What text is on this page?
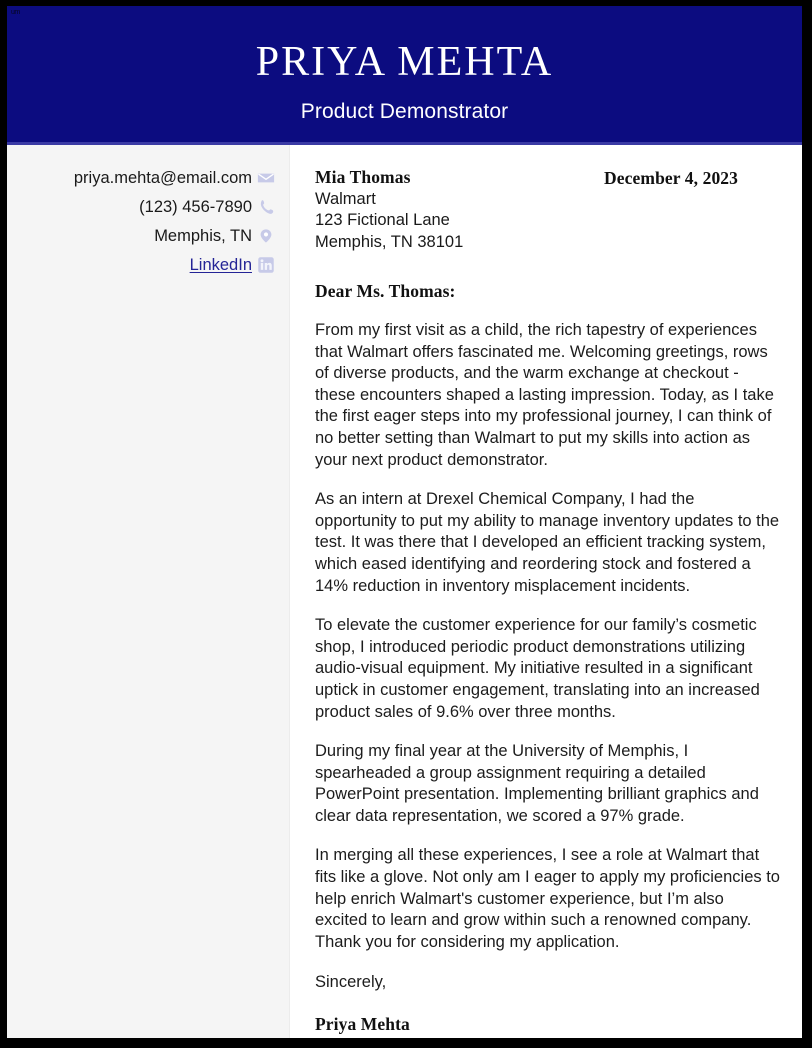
um
PRIYA MEHTA
Product Demonstrator
priya.mehta@email.com
(123) 456-7890
Memphis, TN
LinkedIn
Mia Thomas
Walmart
123 Fictional Lane
Memphis, TN 38101
December 4, 2023

Dear Ms. Thomas:

From my first visit as a child, the rich tapestry of experiences that Walmart offers fascinated me. Welcoming greetings, rows of diverse products, and the warm exchange at checkout - these encounters shaped a lasting impression. Today, as I take the first eager steps into my professional journey, I can think of no better setting than Walmart to put my skills into action as your next product demonstrator.

As an intern at Drexel Chemical Company, I had the opportunity to put my ability to manage inventory updates to the test. It was there that I developed an efficient tracking system, which eased identifying and reordering stock and fostered a 14% reduction in inventory misplacement incidents.

To elevate the customer experience for our family’s cosmetic shop, I introduced periodic product demonstrations utilizing audio-visual equipment. My initiative resulted in a significant uptick in customer engagement, translating into an increased product sales of 9.6% over three months.

During my final year at the University of Memphis, I spearheaded a group assignment requiring a detailed PowerPoint presentation. Implementing brilliant graphics and clear data representation, we scored a 97% grade.

In merging all these experiences, I see a role at Walmart that fits like a glove. Not only am I eager to apply my proficiencies to help enrich Walmart's customer experience, but I’m also excited to learn and grow within such a renowned company. Thank you for considering my application.

Sincerely,

Priya Mehta
